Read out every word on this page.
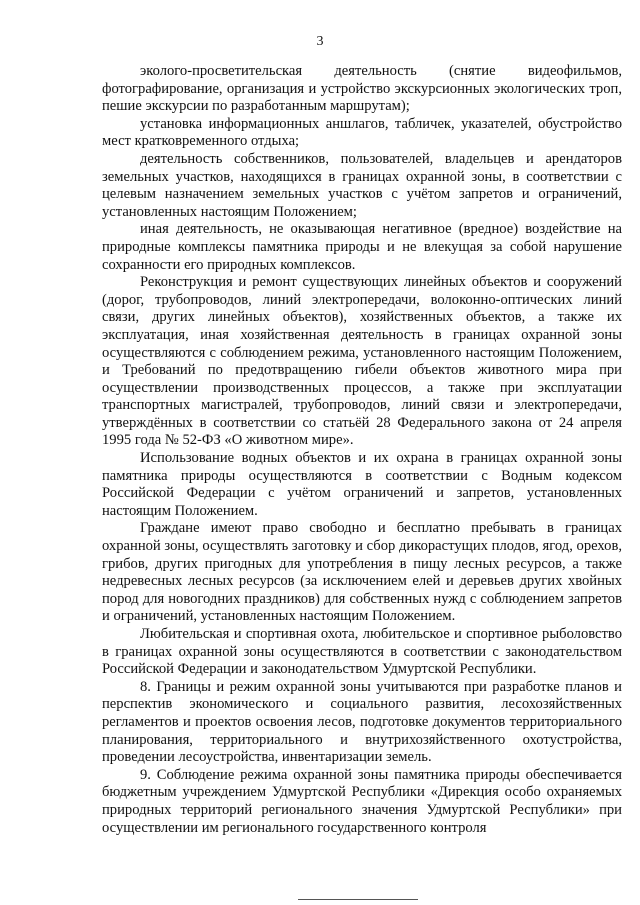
3

эколого-просветительская деятельность (снятие видеофильмов, фотографирование, организация и устройство экскурсионных экологических троп, пешие экскурсии по разработанным маршрутам);

установка информационных аншлагов, табличек, указателей, обустройство мест кратковременного отдыха;

деятельность собственников, пользователей, владельцев и арендаторов земельных участков, находящихся в границах охранной зоны, в соответствии с целевым назначением земельных участков с учётом запретов и ограничений, установленных настоящим Положением;

иная деятельность, не оказывающая негативное (вредное) воздействие на природные комплексы памятника природы и не влекущая за собой нарушение сохранности его природных комплексов.

Реконструкция и ремонт существующих линейных объектов и сооружений (дорог, трубопроводов, линий электропередачи, волоконно-оптических линий связи, других линейных объектов), хозяйственных объектов, а также их эксплуатация, иная хозяйственная деятельность в границах охранной зоны осуществляются с соблюдением режима, установленного настоящим Положением, и Требований по предотвращению гибели объектов животного мира при осуществлении производственных процессов, а также при эксплуатации транспортных магистралей, трубопроводов, линий связи и электропередачи, утверждённых в соответствии со статьёй 28 Федерального закона от 24 апреля 1995 года № 52-ФЗ «О животном мире».

Использование водных объектов и их охрана в границах охранной зоны памятника природы осуществляются в соответствии с Водным кодексом Российской Федерации с учётом ограничений и запретов, установленных настоящим Положением.

Граждане имеют право свободно и бесплатно пребывать в границах охранной зоны, осуществлять заготовку и сбор дикорастущих плодов, ягод, орехов, грибов, других пригодных для употребления в пищу лесных ресурсов, а также недревесных лесных ресурсов (за исключением елей и деревьев других хвойных пород для новогодних праздников) для собственных нужд с соблюдением запретов и ограничений, установленных настоящим Положением.

Любительская и спортивная охота, любительское и спортивное рыболовство в границах охранной зоны осуществляются в соответствии с законодательством Российской Федерации и законодательством Удмуртской Республики.

8. Границы и режим охранной зоны учитываются при разработке планов и перспектив экономического и социального развития, лесохозяйственных регламентов и проектов освоения лесов, подготовке документов территориального планирования, территориального и внутрихозяйственного охотустройства, проведении лесоустройства, инвентаризации земель.

9. Соблюдение режима охранной зоны памятника природы обеспечивается бюджетным учреждением Удмуртской Республики «Дирекция особо охраняемых природных территорий регионального значения Удмуртской Республики» при осуществлении им регионального государственного контроля
